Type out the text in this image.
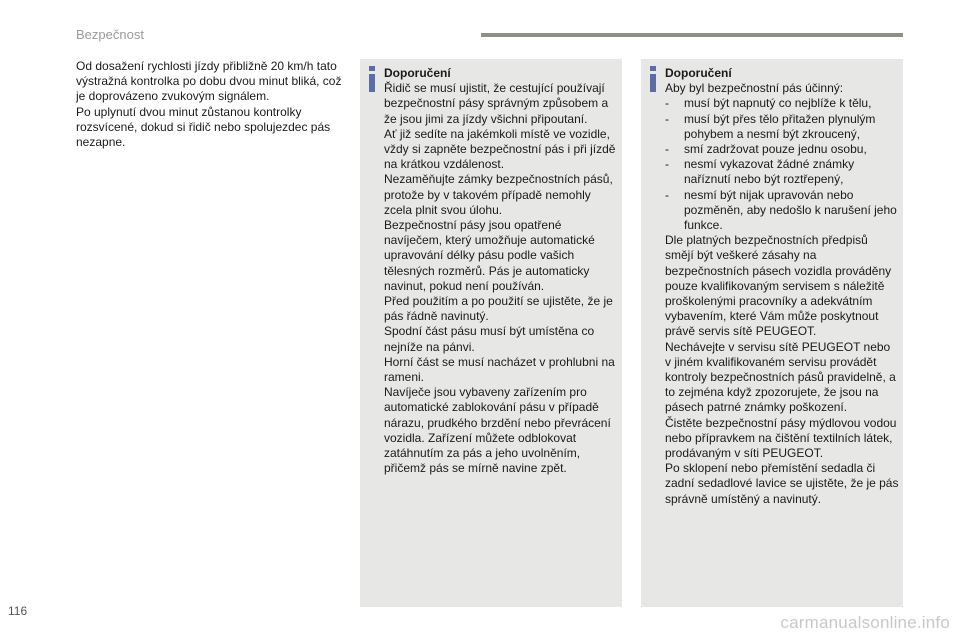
Bezpečnost

Od dosažení rychlosti jízdy přibližně 20 km/h tato výstražná kontrolka po dobu dvou minut bliká, což je doprovázeno zvukovým signálem.

Po uplynutí dvou minut zůstanou kontrolky rozsvícené, dokud si řidič nebo spolujezdec pás nezapne.

Doporučení

Řidič se musí ujistit, že cestující používají bezpečnostní pásy správným způsobem a že jsou jimi za jízdy všichni připoutaní.

Ať již sedíte na jakémkoli místě ve vozidle, vždy si zapněte bezpečnostní pás i při jízdě na krátkou vzdálenost.

Nezaměňujte zámky bezpečnostních pásů, protože by v takovém případě nemohly zcela plnit svou úlohu.

Bezpečnostní pásy jsou opatřené navíječem, který umožňuje automatické upravování délky pásu podle vašich tělesných rozměrů. Pás je automaticky navinut, pokud není používán.

Před použitím a po použití se ujistěte, že je pás řádně navinutý.

Spodní část pásu musí být umístěna co nejníže na pánvi.

Horní část se musí nacházet v prohlubni na rameni.

Navíječe jsou vybaveny zařízením pro automatické zablokování pásu v případě nárazu, prudkého brzdění nebo převrácení vozidla. Zařízení můžete odblokovat zatáhnutím za pás a jeho uvolněním, přičemž pás se mírně navine zpět.

Doporučení

Aby byl bezpečnostní pás účinný:

- musí být napnutý co nejblíže k tělu,
- musí být přes tělo přitažen plynulým pohybem a nesmí být zkroucený,
- smí zadržovat pouze jednu osobu,
- nesmí vykazovat žádné známky naříznutí nebo být roztřepený,
- nesmí být nijak upravován nebo pozměněn, aby nedošlo k narušení jeho funkce.

Dle platných bezpečnostních předpisů smějí být veškeré zásahy na bezpečnostních pásech vozidla prováděny pouze kvalifikovaným servisem s náležitě proškolenými pracovníky a adekvátním vybavením, které Vám může poskytnout právě servis sítě PEUGEOT.

Nechávejte v servisu sítě PEUGEOT nebo v jiném kvalifikovaném servisu provádět kontroly bezpečnostních pásů pravidelně, a to zejména když zpozorujete, že jsou na pásech patrné známky poškození.

Čistěte bezpečnostní pásy mýdlovou vodou nebo přípravkem na čištění textilních látek, prodávaným v síti PEUGEOT.

Po sklopení nebo přemístění sedadla či zadní sedadlové lavice se ujistěte, že je pás správně umístěný a navinutý.

116
carmanualsonline.info
